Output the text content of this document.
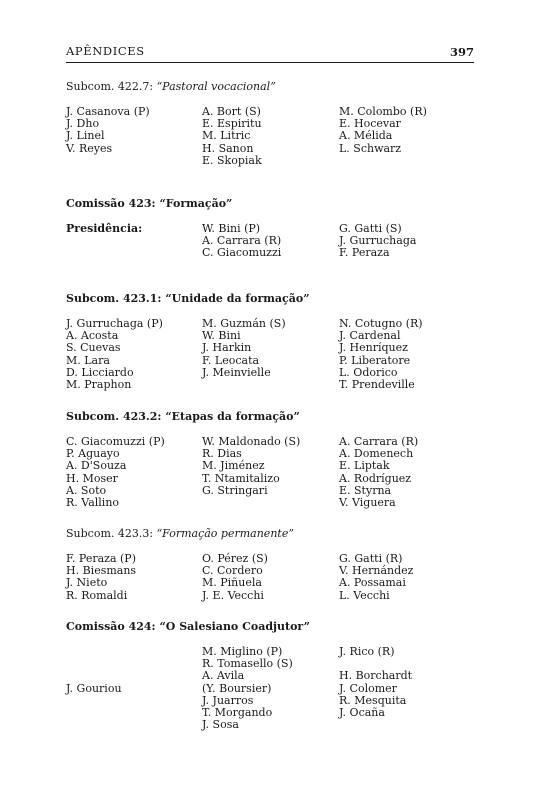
APÊNDICES	397
Subcom. 422.7: “Pastoral vocacional”
J. Casanova (P)
J. Dho
J. Linel
V. Reyes
A. Bort (S)
E. Espiritu
M. Litric
H. Sanon
E. Skopiak
M. Colombo (R)
E. Hocevar
A. Mélida
L. Schwarz
Comissão 423: “Formação”
Presidência:	W. Bini (P)
A. Carrara (R)
C. Giacomuzzi
G. Gatti (S)
J. Gurruchaga
F. Peraza
Subcom. 423.1: “Unidade da formação”
J. Gurruchaga (P)
A. Acosta
S. Cuevas
M. Lara
D. Licciardo
M. Praphon
M. Guzmán (S)
W. Bini
J. Harkin
F. Leocata
J. Meinvielle
N. Cotugno (R)
J. Cardenal
J. Henríquez
P. Liberatore
L. Odorico
T. Prendeville
Subcom. 423.2: “Etapas da formação”
C. Giacomuzzi (P)
P. Aguayo
A. D'Souza
H. Moser
A. Soto
R. Vallino
W. Maldonado (S)
R. Dias
M. Jiménez
T. Ntamitalizo
G. Stringari
A. Carrara (R)
A. Domenech
E. Liptak
A. Rodríguez
E. Styrna
V. Viguera
Subcom. 423.3: “Formação permanente”
F. Peraza (P)
H. Biesmans
J. Nieto
R. Romaldi
O. Pérez (S)
C. Cordero
M. Piñuela
J. E. Vecchi
G. Gatti (R)
V. Hernández
A. Possamai
L. Vecchi
Comissão 424: “O Salesiano Coadjutor”
J. Gouriou
M. Miglino (P)
R. Tomasello (S)
A. Avila
(Y. Boursier)
J. Juarros
T. Morgando
J. Sosa
J. Rico (R)
H. Borchardt
J. Colomer
R. Mesquita
J. Ocaña
